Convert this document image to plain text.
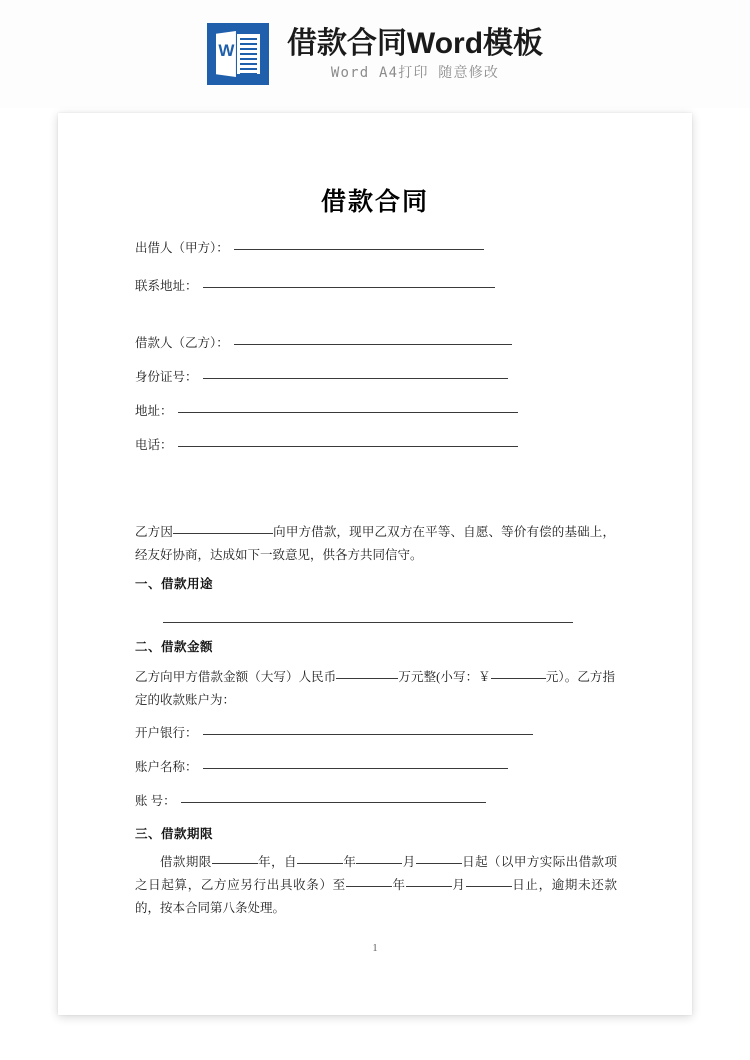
W 借款合同Word模板
Word A4打印 随意修改
借款合同
出借人（甲方）：
联系地址：
借款人（乙方）：
身份证号：
地址：
电话：
乙方因	向甲方借款，现甲乙双方在平等、自愿、等价有偿的基础上，经友好协商，达成如下一致意见，供各方共同信守。
一、借款用途
二、借款金额
乙方向甲方借款金额（大写）人民币	万元整(小写：￥	元）。乙方指定的收款账户为：
开户银行：
账户名称：
账 号：
三、借款期限
借款期限	年，自	年	月	日起（以甲方实际出借款项之日起算，乙方应另行出具收条）至	年	月	日止，逾期未还款的，按本合同第八条处理。
1
